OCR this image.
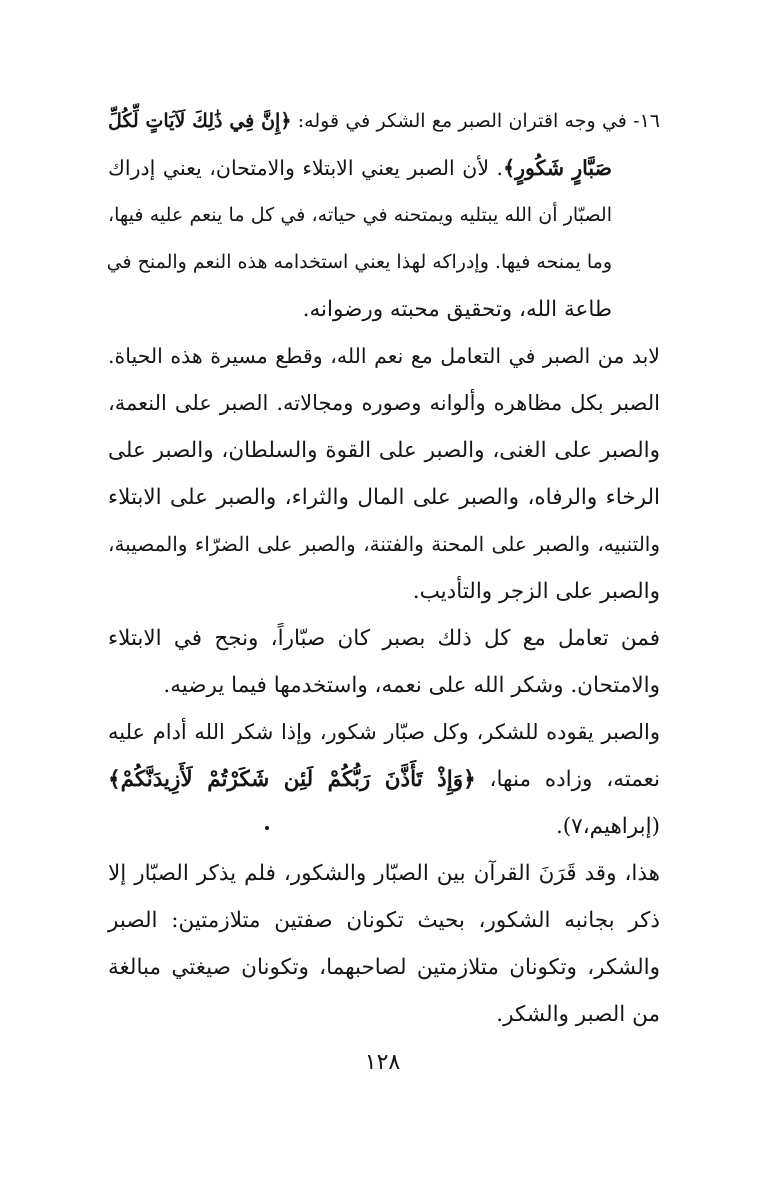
١٦- في وجه اقتران الصبر مع الشكر في قوله: ﴿إِنَّ فِي ذَٰلِكَ لَآيَاتٍ لِّكُلِّ
صَبَّارٍ شَكُورٍ﴾. لأن الصبر يعني الابتلاء والامتحان، يعني إدراك
الصبّار أن الله يبتليه ويمتحنه في حياته، في كل ما ينعم عليه فيها،
وما يمنحه فيها. وإدراكه لهذا يعني استخدامه هذه النعم والمنح في
طاعة الله، وتحقيق محبته ورضوانه.
لابد من الصبر في التعامل مع نعم الله، وقطع مسيرة هذه الحياة.
الصبر بكل مظاهره وألوانه وصوره ومجالاته. الصبر على النعمة،
والصبر على الغنى، والصبر على القوة والسلطان، والصبر على
الرخاء والرفاه، والصبر على المال والثراء، والصبر على الابتلاء
والتنبيه، والصبر على المحنة والفتنة، والصبر على الضرّاء والمصيبة،
والصبر على الزجر والتأديب.
فمن تعامل مع كل ذلك بصبر كان صبّاراً، ونجح في الابتلاء
والامتحان. وشكر الله على نعمه، واستخدمها فيما يرضيه.
والصبر يقوده للشكر، وكل صبّار شكور، وإذا شكر الله أدام عليه
نعمته، وزاده منها، ﴿وَإِذْ تَأَذَّنَ رَبُّكُمْ لَئِن شَكَرْتُمْ لَأَزِيدَنَّكُمْ﴾
(إبراهيم،٧).
هذا، وقد قَرَنَ القرآن بين الصبّار والشكور، فلم يذكر الصبّار إلا
ذكر بجانبه الشكور، بحيث تكونان صفتين متلازمتين: الصبر
والشكر، وتكونان متلازمتين لصاحبهما، وتكونان صيغتي مبالغة
من الصبر والشكر.
١٢٨
